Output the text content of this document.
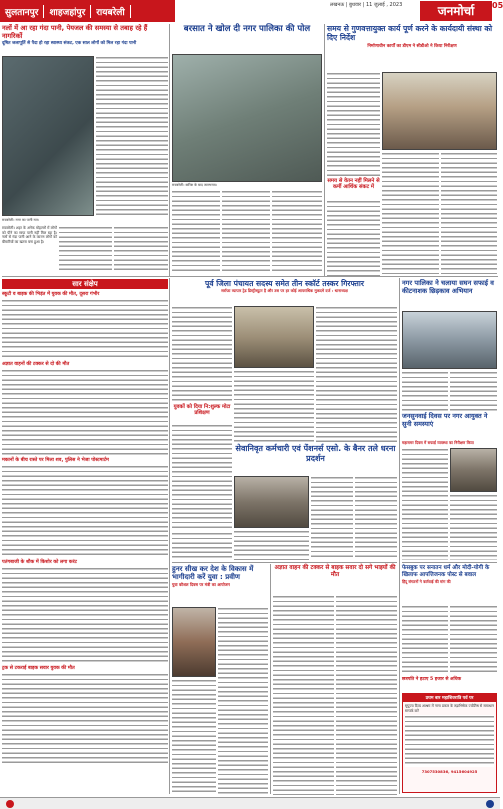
सुलतानपुर	शाहजहांपुर	रायबरेली
लखनऊ | बुधवार | 11 जुलाई , 2023	जनमोर्चा	05
नलों में आ रहा गंदा पानी, पेयजल की समस्या से तबाह रहे हैं नागरिकों
दूषित जलापूर्ति से पैदा हो रहा स्वास्थ्य संकट, एक साल लोगों को मिल रहा गंदा पानी
रायबरेली। नगर का पानी नल।
रायबरेली। शहर के अनेक मोहल्लों में लोगों को पीने का साफ पानी नहीं मिल रहा है। नलों से गंदा पानी आने के कारण लोगों को बीमारियों का खतरा बना हुआ है।
बरसात ने खोल दी नगर पालिका की पोल
रायबरेली। बारिश के बाद जलभराव।
समय से गुणवत्तायुक्त कार्य पूर्ण करने के कार्यदायी संस्था को दिए निर्देश
निर्माणाधीन कार्यों का डीएम ने सीडीओ ने किया निरीक्षण
समय से वेतन नहीं मिलने से कर्मी आर्थिक संकट में
सार संक्षेप
स्कूटी व बाइक की भिड़ंत में युवक की मौत, दूसरा गंभीर
अज्ञात वाहनों की टक्कर से दो की मौत
मकानों के बीच रास्ते पर मिला शव, पुलिस ने भेजा पोस्टमार्टम
पतंगबाजी के शौक में किशोर को लगा करंट
ट्रक से टकराई बाइक सवार युवक की मौत
पूर्व जिला पंचायत सदस्य समेत तीन स्कॉर्ट तस्कर गिरफ्तार
सर्राफा व्यापार ट्रेड डिस्ट्रीब्यूटर है और उस पर हर कोई आपराधिक मुकदमे दर्ज : थानाध्यक्ष
युवकों को दिया नि:शुल्क मोटा प्रशिक्षण
सेवानिवृत कर्मचारी एवं पेंशनर्स एसो. के बैनर तले धरना प्रदर्शन
हुनर सीख कर देश के विकास में भागीदारी करें युवा : प्रवीण
युवा कौशल दिवस पर मंत्री का आयोजन
अज्ञात वाहन की टक्कर से बाइक सवार दो सगे भाइयों की मौत
नगर पालिका ने चलाया सघन सफाई व कीटनाशक छिड़काव अभियान
जनसुनवाई दिवस पर नगर आयुक्त ने सुनी समस्याएं
महासमर दिवस में सफाई व्यवस्था का निरीक्षण किया
फेसबुक पर सनातन धर्म और मोदी-योगी के खिलाफ आपत्तिजनक पोस्ट से बवाल
हिंदू संगठनों ने कार्रवाई की मांग की
छत्रपति ने हटाए 5 हजार से अधिक
प्रथम बार महाशिवरात्रि पर्व पर
सुपूज्य दिव्य आश्रम में नाना प्रकार के रुद्राभिषेक ज्योतिष से समाधान सम्पर्क करें
7307530836, 9415604925
